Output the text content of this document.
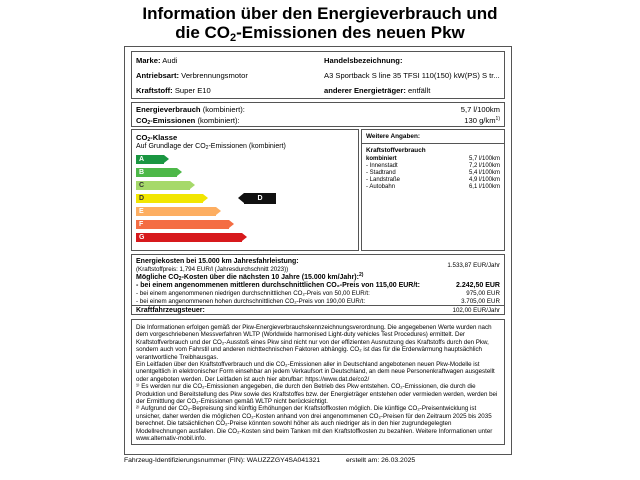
Information über den Energieverbrauch und
die $CO_2$-Emissionen des neuen Pkw
Marke: Audi
Antriebsart: Verbrennungsmotor
Kraftstoff: Super E10
Handelsbezeichnung:
A3 Sportback S line 35 TFSI 110(150) kW(PS) S tr...
anderer Energieträger: entfällt
Energieverbrauch (kombiniert):	5,7 l/100km
$CO_2$-Emissionen (kombiniert):	130 $g/km^{1)}$
$CO_2$-Klasse
Auf Grundlage der $CO_2$-Emissionen (kombiniert)
A
B
C
D
E
F
G
D
Weitere Angaben:
Kraftstoffverbrauch
kombiniert	5,7 l/100km
- Innenstadt	7,2 l/100km
- Stadtrand	5,4 l/100km
- Landstraße	4,9 l/100km
- Autobahn	6,1 l/100km
Energiekosten bei 15.000 km Jahresfahrleistung:
(Kraftstoffpreis: 1,794 EUR/l (Jahresdurchschnitt 2023))
1.533,87 EUR/Jahr
Mögliche $CO_2$-Kosten über die nächsten 10 Jahre (15.000 km/Jahr):$^{2)}$
- bei einem angenommenen mittleren durchschnittlichen CO₂-Preis von 115,00 EUR/t:	2.242,50 EUR
- bei einem angenommenen niedrigen durchschnittlichen CO₂-Preis von 50,00 EUR/t:	975,00 EUR
- bei einem angenommenen hohen durchschnittlichen CO₂-Preis von 190,00 EUR/t:	3.705,00 EUR
Kraftfahrzeugsteuer:	102,00 EUR/Jahr

Die Informationen erfolgen gemäß der Pkw-Energieverbrauchskennzeichnungsverordnung. Die angegebenen Werte wurden nach dem vorgeschriebenen Messverfahren WLTP (Worldwide harmonised Light-duty vehicles Test Procedures) ermittelt. Der Kraftstoffverbrauch und der CO₂-Ausstoß eines Pkw sind nicht nur von der effizienten Ausnutzung des Kraftstoffs durch den Pkw, sondern auch vom Fahrstil und anderen nichttechnischen Faktoren abhängig. CO₂ ist das für die Erderwärmung hauptsächlich verantwortliche Treibhausgas.

Ein Leitfaden über den Kraftstoffverbrauch und die CO₂-Emissionen aller in Deutschland angebotenen neuen Pkw-Modelle ist unentgeltlich in elektronischer Form einsehbar an jedem Verkaufsort in Deutschland, an dem neue Personenkraftwagen ausgestellt oder angeboten werden. Der Leitfaden ist auch hier abrufbar: https://www.dat.de/co2/

¹⁾ Es werden nur die CO₂-Emissionen angegeben, die durch den Betrieb des Pkw entstehen. CO₂-Emissionen, die durch die Produktion und Bereitstellung des Pkw sowie des Kraftstoffes bzw. der Energieträger entstehen oder vermieden werden, werden bei der Ermittlung der CO₂-Emissionen gemäß WLTP nicht berücksichtigt.

²⁾ Aufgrund der CO₂-Bepreisung sind künftig Erhöhungen der Kraftstoffkosten möglich. Die künftige CO₂-Preisentwicklung ist unsicher, daher werden die möglichen CO₂-Kosten anhand von drei angenommenen CO₂-Preisen für den Zeitraum 2025 bis 2035 berechnet. Die tatsächlichen CO₂-Preise könnten sowohl höher als auch niedriger als in den hier zugrundegelegten Modellrechnungen ausfallen. Die CO₂-Kosten sind beim Tanken mit den Kraftstoffkosten zu bezahlen. Weitere Informationen unter www.alternativ-mobil.info.

Fahrzeug-Identifizierungsnummer (FIN): WAUZZZGY4SA041321	erstellt am: 26.03.2025
